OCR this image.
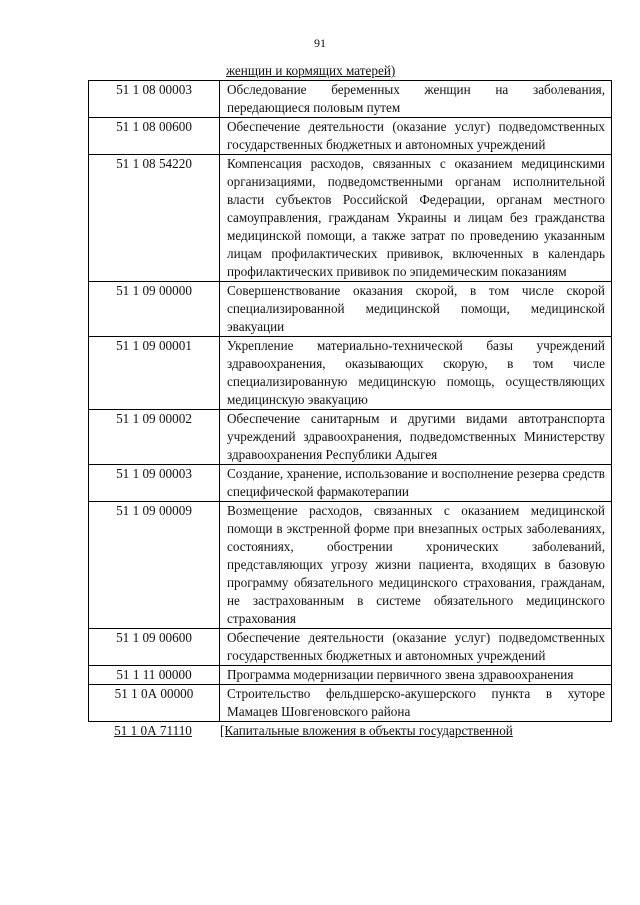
91
женщин и кормящих матерей)
51 1 08 00003	Обследование беременных женщин на заболевания, передающиеся половым путем
51 1 08 00600	Обеспечение деятельности (оказание услуг) подведомственных государственных бюджетных и автономных учреждений
51 1 08 54220	Компенсация расходов, связанных с оказанием медицинскими организациями, подведомственными органам исполнительной власти субъектов Российской Федерации, органам местного самоуправления, гражданам Украины и лицам без гражданства медицинской помощи, а также затрат по проведению указанным лицам профилактических прививок, включенных в календарь профилактических прививок по эпидемическим показаниям
51 1 09 00000	Совершенствование оказания скорой, в том числе скорой специализированной медицинской помощи, медицинской эвакуации
51 1 09 00001	Укрепление материально-технической базы учреждений здравоохранения, оказывающих скорую, в том числе специализированную медицинскую помощь, осуществляющих медицинскую эвакуацию
51 1 09 00002	Обеспечение санитарным и другими видами автотранспорта учреждений здравоохранения, подведомственных Министерству здравоохранения Республики Адыгея
51 1 09 00003	Создание, хранение, использование и восполнение резерва средств специфической фармакотерапии
51 1 09 00009	Возмещение расходов, связанных с оказанием медицинской помощи в экстренной форме при внезапных острых заболеваниях, состояниях, обострении хронических заболеваний, представляющих угрозу жизни пациента, входящих в базовую программу обязательного медицинского страхования, гражданам, не застрахованным в системе обязательного медицинского страхования
51 1 09 00600	Обеспечение деятельности (оказание услуг) подведомственных государственных бюджетных и автономных учреждений
51 1 11 00000	Программа модернизации первичного звена здравоохранения
51 1 0А 00000	Строительство фельдшерско-акушерского пункта в хуторе Мамацев Шовгеновского района
51 1 0А 71110	[Капитальные вложения в объекты государственной
